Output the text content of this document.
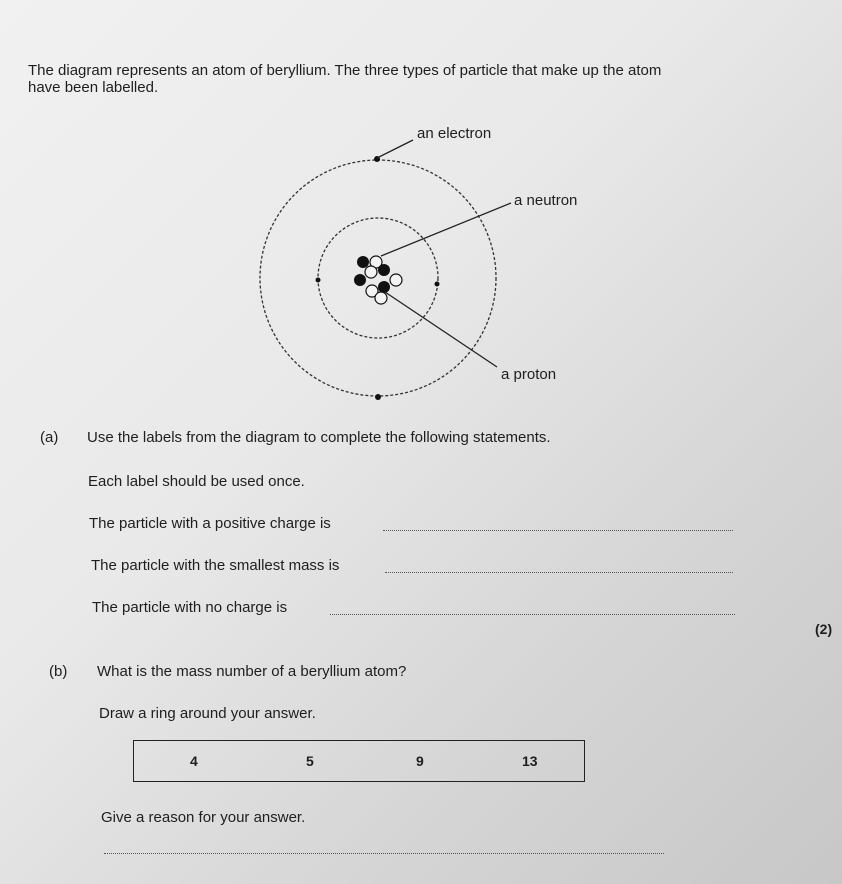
The diagram represents an atom of beryllium. The three types of particle that make up the atom
have been labelled.
an electron
a neutron
a proton
(a) Use the labels from the diagram to complete the following statements.
Each label should be used once.
The particle with a positive charge is
The particle with the smallest mass is
The particle with no charge is
(2)
(b) What is the mass number of a beryllium atom?
Draw a ring around your answer.
4	5	9	13
Give a reason for your answer.
